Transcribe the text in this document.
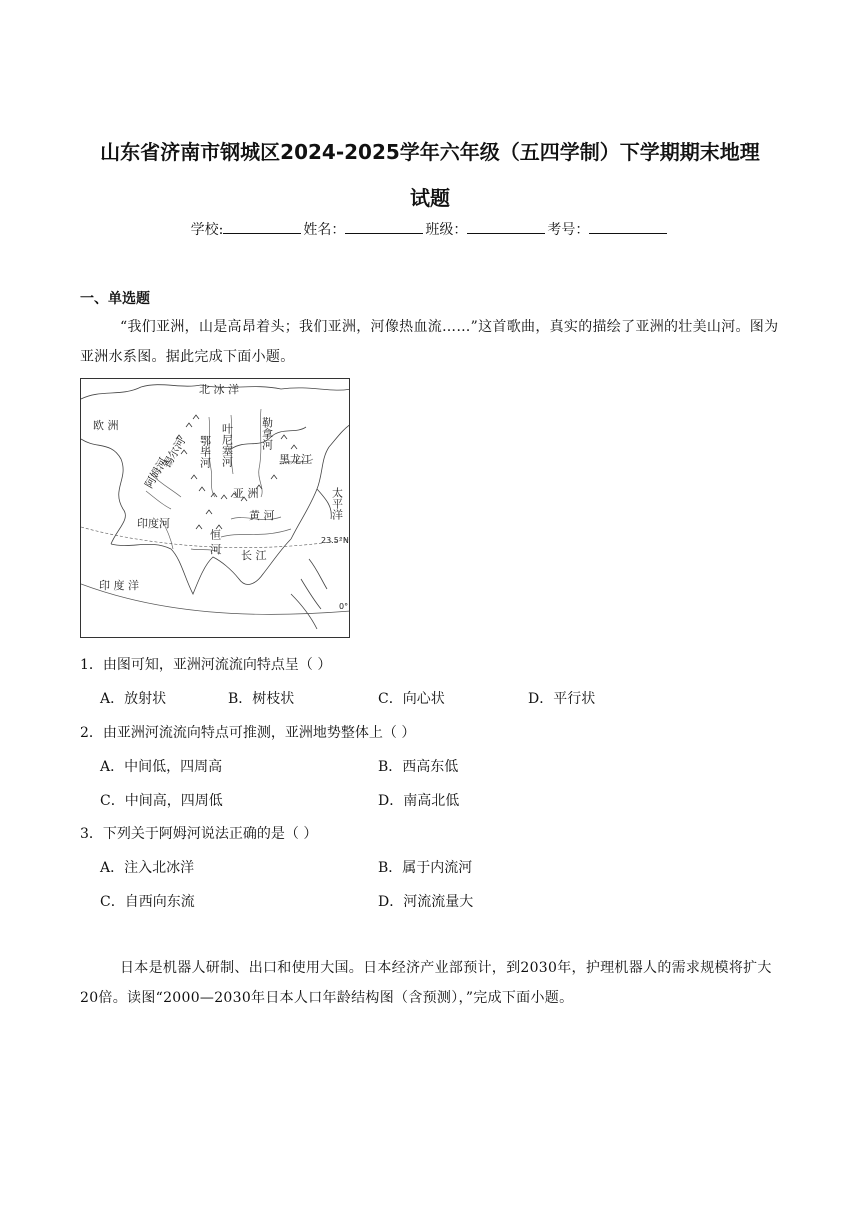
山东省济南市钢城区2024-2025学年六年级（五四学制）下学期期末地理
试题
学校:	姓名：	班级：	考号：
一、单选题
“我们亚洲，山是高昂着头；我们亚洲，河像热血流……”这首歌曲，真实的描绘了亚洲的壮美山河。图为亚洲水系图。据此完成下面小题。
北 冰 洋
欧 洲
长 江
亚 洲
黄 河
黑龙江
印度河
印 度 洋
鄂毕河 叶尼塞河 勒拿河
太平洋
恒 河
锡尔河
阿姆河
23.5°N
0°
1．由图可知，亚洲河流流向特点呈（ ）
A．放射状	B．树枝状	C．向心状	D．平行状
2．由亚洲河流流向特点可推测，亚洲地势整体上（ ）
A．中间低，四周高	B．西高东低
C．中间高，四周低	D．南高北低
3．下列关于阿姆河说法正确的是（ ）
A．注入北冰洋	B．属于内流河
C．自西向东流	D．河流流量大
日本是机器人研制、出口和使用大国。日本经济产业部预计，到2030年，护理机器人的需求规模将扩大20倍。读图“2000—2030年日本人口年龄结构图（含预测），”完成下面小题。
